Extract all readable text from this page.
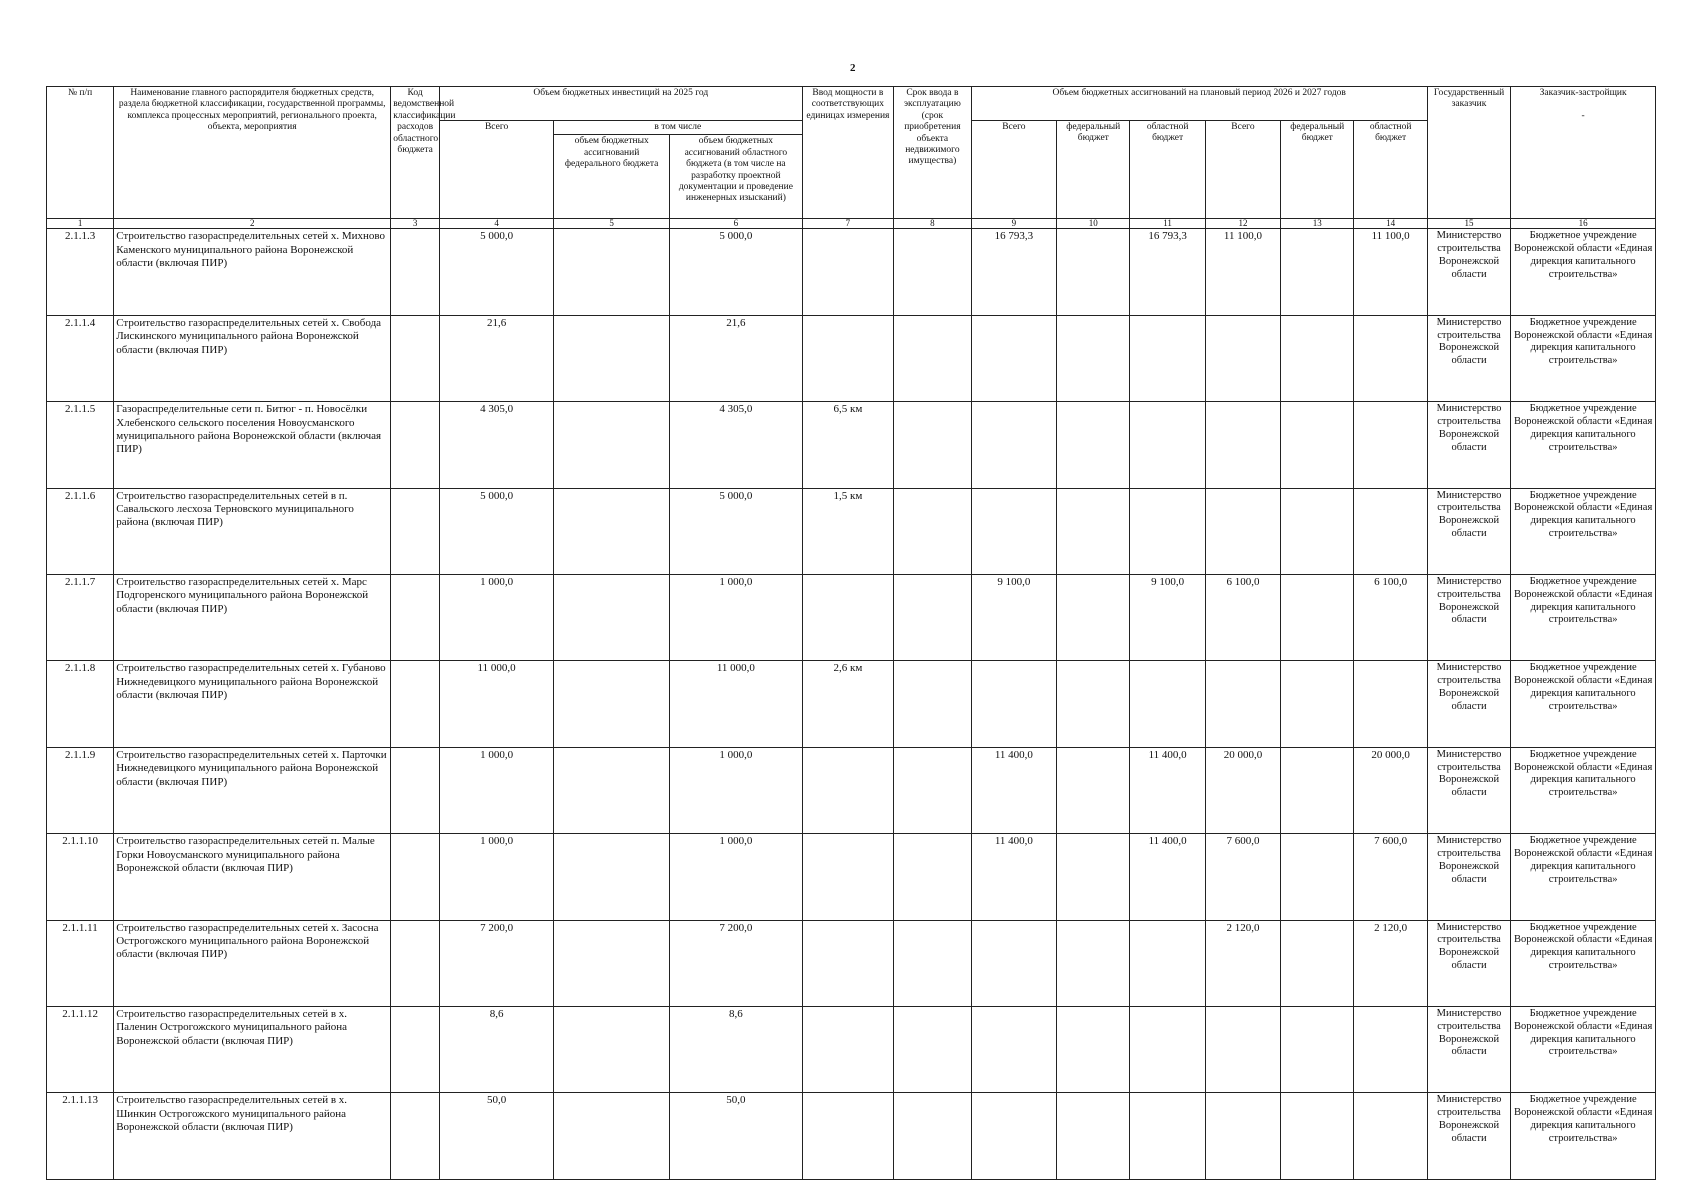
2
№ п/п	Наименование главного распорядителя бюджетных средств, раздела бюджетной классификации, государственной программы, комплекса процессных мероприятий, регионального проекта, объекта, мероприятия	Код ведомственной классификации расходов областного бюджета	Объем бюджетных инвестиций на 2025 год			Ввод мощности в соответствующих единицах измерения	Срок ввода в эксплуатацию (срок приобретения объекта недвижимого имущества)	Объем бюджетных ассигнований на плановый период 2026 и 2027 годов						Государственный заказчик	Заказчик-застройщик

-
			Всего	в том числе				Всего	федеральный бюджет	областной бюджет	Всего	федеральный бюджет	областной бюджет		
				объем бюджетных ассигнований федерального бюджета	объем бюджетных ассигнований областного бюджета (в том числе на разработку проектной документации и проведение инженерных изысканий)										
1	2	3	4	5	6	7	8	9	10	11	12	13	14	15	16
2.1.1.3	Строительство газораспределительных сетей х. Михново Каменского муниципального района Воронежской области (включая ПИР)		5 000,0		5 000,0			16 793,3		16 793,3	11 100,0		11 100,0	Министерство строительства Воронежской области	Бюджетное учреждение Воронежской области «Единая дирекция капитального строительства»
2.1.1.4	Строительство газораспределительных сетей х. Свобода Лискинского муниципального района Воронежской области (включая ПИР)		21,6		21,6									Министерство строительства Воронежской области	Бюджетное учреждение Воронежской области «Единая дирекция капитального строительства»
2.1.1.5	Газораспределительные сети п. Битюг - п. Новосёлки Хлебенского сельского поселения Новоусманского муниципального района Воронежской области (включая ПИР)		4 305,0		4 305,0	6,5 км								Министерство строительства Воронежской области	Бюджетное учреждение Воронежской области «Единая дирекция капитального строительства»
2.1.1.6	Строительство газораспределительных сетей в п. Савальского лесхоза Терновского муниципального района (включая ПИР)		5 000,0		5 000,0	1,5 км								Министерство строительства Воронежской области	Бюджетное учреждение Воронежской области «Единая дирекция капитального строительства»
2.1.1.7	Строительство газораспределительных сетей х. Марс Подгоренского муниципального района Воронежской области (включая ПИР)		1 000,0		1 000,0			9 100,0		9 100,0	6 100,0		6 100,0	Министерство строительства Воронежской области	Бюджетное учреждение Воронежской области «Единая дирекция капитального строительства»
2.1.1.8	Строительство газораспределительных сетей х. Губаново Нижнедевицкого муниципального района Воронежской области (включая ПИР)		11 000,0		11 000,0	2,6 км								Министерство строительства Воронежской области	Бюджетное учреждение Воронежской области «Единая дирекция капитального строительства»
2.1.1.9	Строительство газораспределительных сетей х. Парточки Нижнедевицкого муниципального района Воронежской области (включая ПИР)		1 000,0		1 000,0			11 400,0		11 400,0	20 000,0		20 000,0	Министерство строительства Воронежской области	Бюджетное учреждение Воронежской области «Единая дирекция капитального строительства»
2.1.1.10	Строительство газораспределительных сетей п. Малые Горки Новоусманского муниципального района Воронежской области (включая ПИР)		1 000,0		1 000,0			11 400,0		11 400,0	7 600,0		7 600,0	Министерство строительства Воронежской области	Бюджетное учреждение Воронежской области «Единая дирекция капитального строительства»
2.1.1.11	Строительство газораспределительных сетей х. Засосна Острогожского муниципального района Воронежской области (включая ПИР)		7 200,0		7 200,0						2 120,0		2 120,0	Министерство строительства Воронежской области	Бюджетное учреждение Воронежской области «Единая дирекция капитального строительства»
2.1.1.12	Строительство газораспределительных сетей в х. Паленин Острогожского муниципального района Воронежской области (включая ПИР)		8,6		8,6									Министерство строительства Воронежской области	Бюджетное учреждение Воронежской области «Единая дирекция капитального строительства»
2.1.1.13	Строительство газораспределительных сетей в х. Шинкин Острогожского муниципального района Воронежской области (включая ПИР)		50,0		50,0									Министерство строительства Воронежской области	Бюджетное учреждение Воронежской области «Единая дирекция капитального строительства»
